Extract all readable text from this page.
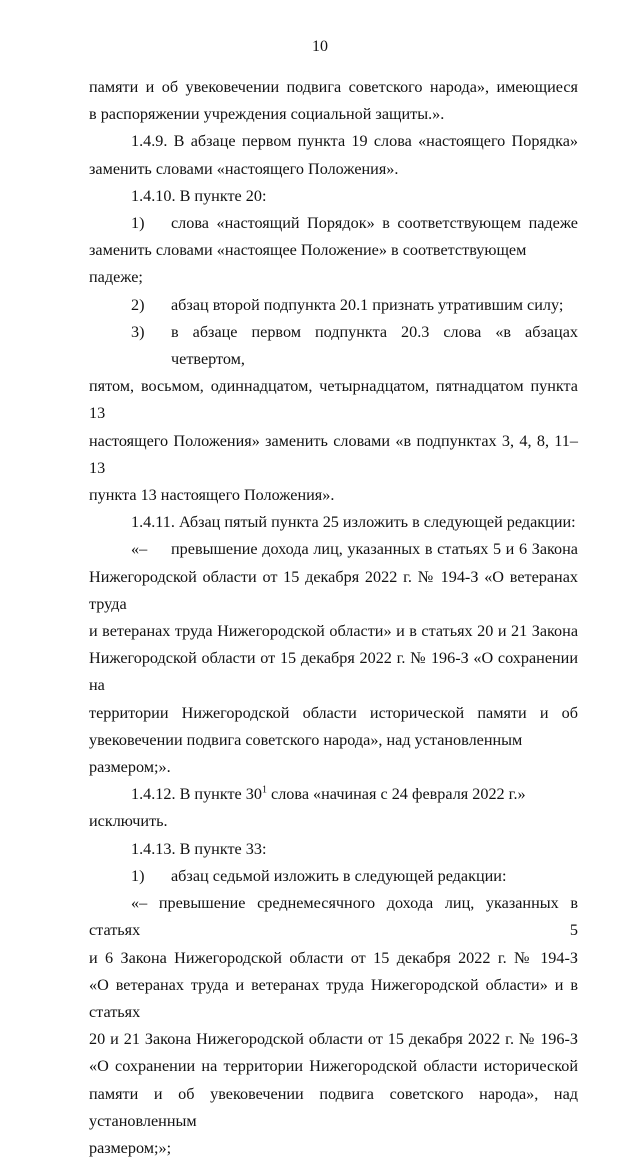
10

памяти и об увековечении подвига советского народа», имеющиеся

в распоряжении учреждения социальной защиты.».

1.4.9. В абзаце первом пункта 19 слова «настоящего Порядка»

заменить словами «настоящего Положения».

1.4.10. В пункте 20:

1)	слова «настоящий Порядок» в соответствующем падеже

заменить словами «настоящее Положение» в соответствующем падеже;

2)	абзац второй подпункта 20.1 признать утратившим силу;
3)	в абзаце первом подпункта 20.3 слова «в абзацах четвертом,

пятом, восьмом, одиннадцатом, четырнадцатом, пятнадцатом пункта 13

настоящего Положения» заменить словами «в подпунктах 3, 4, 8, 11–13

пункта 13 настоящего Положения».

1.4.11. Абзац пятый пункта 25 изложить в следующей редакции:

«–	превышение дохода лиц, указанных в статьях 5 и 6 Закона

Нижегородской области от 15 декабря 2022 г. № 194-З «О ветеранах труда

и ветеранах труда Нижегородской области» и в статьях 20 и 21 Закона

Нижегородской области от 15 декабря 2022 г. № 196-З «О сохранении на

территории Нижегородской области исторической памяти и об

увековечении подвига советского народа», над установленным размером;».

1.4.12. В пункте $30^1$ слова «начиная с 24 февраля 2022 г.» исключить.

1.4.13. В пункте 33:

1)	абзац седьмой изложить в следующей редакции:

«– превышение среднемесячного дохода лиц, указанных в статьях 5

и 6 Закона Нижегородской области от 15 декабря 2022 г. № 194-З

«О ветеранах труда и ветеранах труда Нижегородской области» и в статьях

20 и 21 Закона Нижегородской области от 15 декабря 2022 г. № 196-З

«О сохранении на территории Нижегородской области исторической

памяти и об увековечении подвига советского народа», над установленным

размером;»;
